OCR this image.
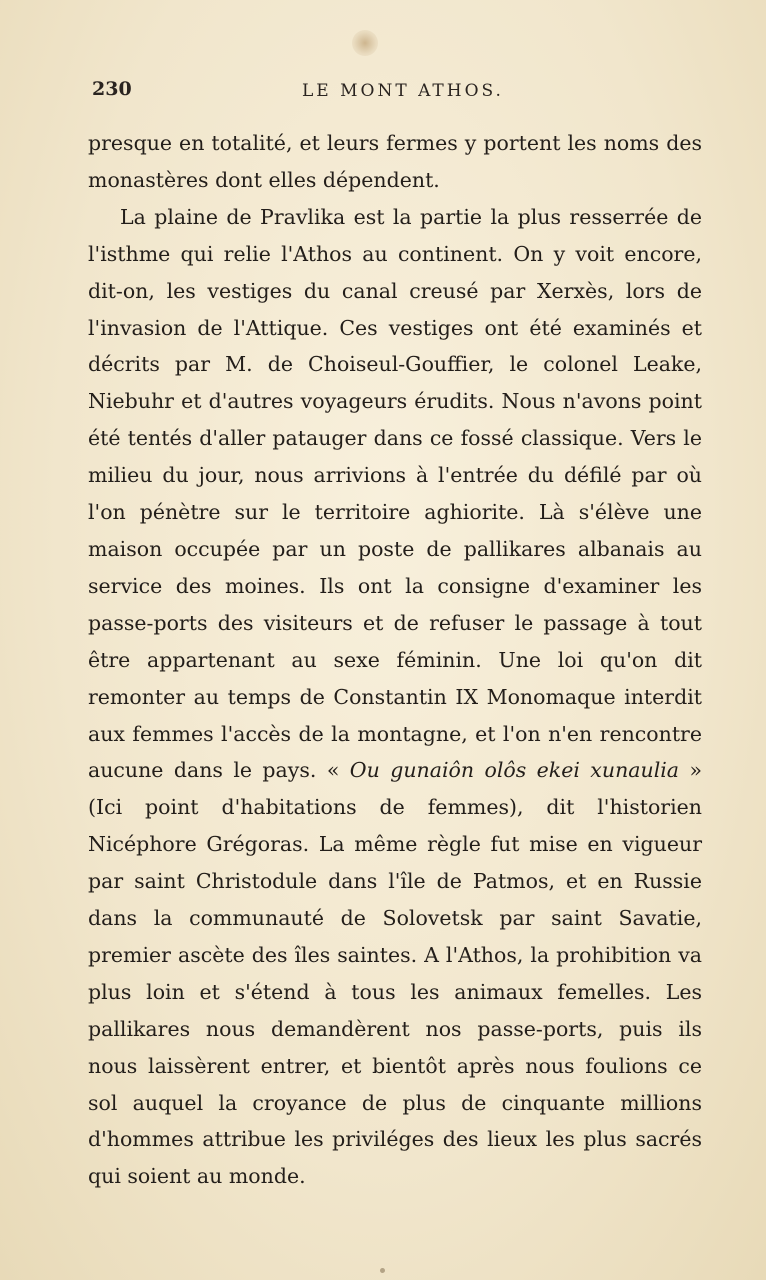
230	LE MONT ATHOS.

presque en totalité, et leurs fermes y portent les noms des monastères dont elles dépendent.

La plaine de Pravlika est la partie la plus resserrée de l'isthme qui relie l'Athos au continent. On y voit encore, dit-on, les vestiges du canal creusé par Xerxès, lors de l'invasion de l'Attique. Ces vestiges ont été examinés et décrits par M. de Choiseul-Gouffier, le colonel Leake, Niebuhr et d'autres voyageurs érudits. Nous n'avons point été tentés d'aller patauger dans ce fossé classique. Vers le milieu du jour, nous arrivions à l'entrée du défilé par où l'on pénètre sur le territoire aghiorite. Là s'élève une maison occupée par un poste de pallikares albanais au service des moines. Ils ont la consigne d'examiner les passe-ports des visiteurs et de refuser le passage à tout être appartenant au sexe féminin. Une loi qu'on dit remonter au temps de Constantin IX Monomaque interdit aux femmes l'accès de la montagne, et l'on n'en rencontre aucune dans le pays. « Ou gunaiôn olôs ekei xunaulia » (Ici point d'habitations de femmes), dit l'historien Nicéphore Grégoras. La même règle fut mise en vigueur par saint Christodule dans l'île de Patmos, et en Russie dans la communauté de Solovetsk par saint Savatie, premier ascète des îles saintes. A l'Athos, la prohibition va plus loin et s'étend à tous les animaux femelles. Les pallikares nous demandèrent nos passe-ports, puis ils nous laissèrent entrer, et bientôt après nous foulions ce sol auquel la croyance de plus de cinquante millions d'hommes attribue les priviléges des lieux les plus sacrés qui soient au monde.
